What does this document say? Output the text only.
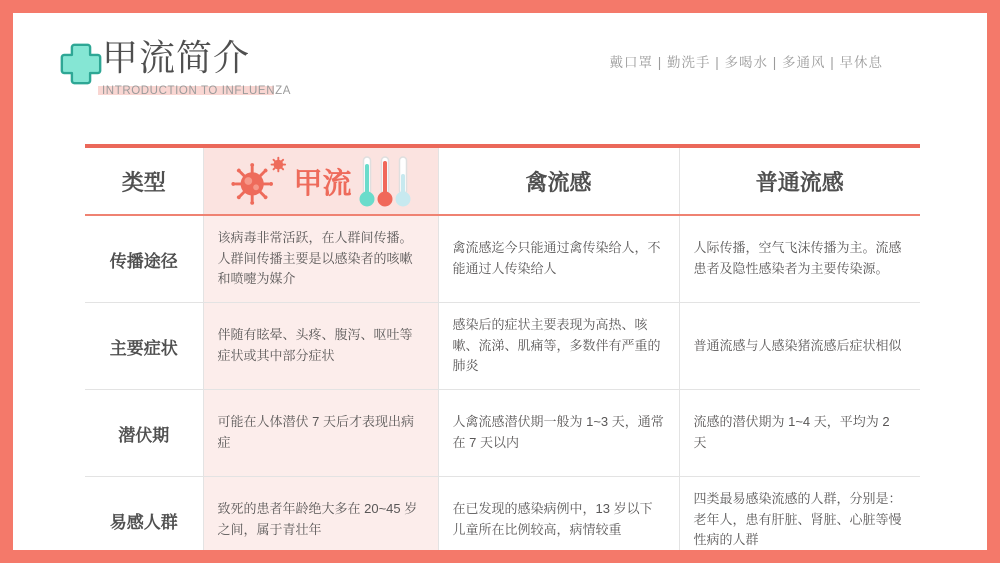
甲流简介
INTRODUCTION TO INFLUENZA
戴口罩 | 勤洗手 | 多喝水 | 多通风 | 早休息
类型	甲流	禽流感	普通流感
传播途径	该病毒非常活跃，在人群间传播。人群间传播主要是以感染者的咳嗽和喷嚏为媒介	禽流感迄今只能通过禽传染给人，不能通过人传染给人	人际传播，空气飞沫传播为主。流感患者及隐性感染者为主要传染源。
主要症状	伴随有眩晕、头疼、腹泻、呕吐等症状或其中部分症状	感染后的症状主要表现为高热、咳嗽、流涕、肌痛等，多数伴有严重的肺炎	普通流感与人感染猪流感后症状相似
潜伏期	可能在人体潜伏 7 天后才表现出病症	人禽流感潜伏期一般为 1~3 天，通常在 7 天以内	流感的潜伏期为 1~4 天，平均为 2 天
易感人群	致死的患者年龄绝大多在 20~45 岁之间，属于青壮年	在已发现的感染病例中，13 岁以下儿童所在比例较高，病情较重	四类最易感染流感的人群，分别是：老年人，患有肝脏、肾脏、心脏等慢性病的人群
